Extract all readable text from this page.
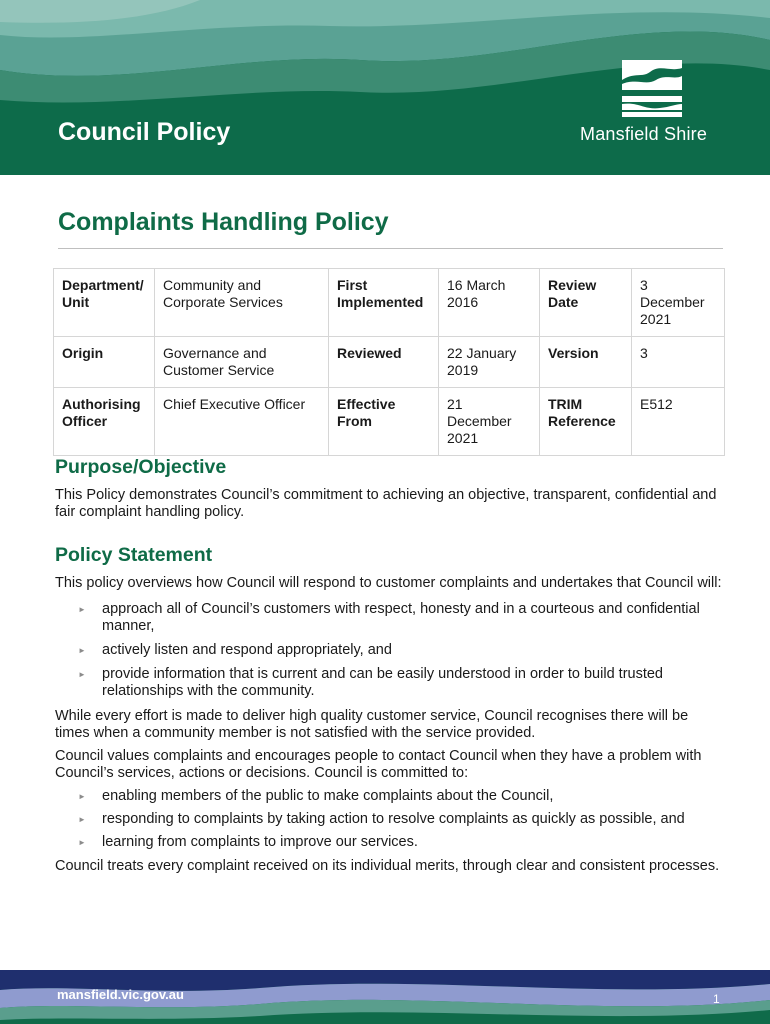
Council Policy	Mansfield Shire
Complaints Handling Policy
Department/ Unit	Community and Corporate Services	First Implemented	16 March 2016	Review Date	3 December 2021
Origin	Governance and Customer Service	Reviewed	22 January 2019	Version	3
Authorising Officer	Chief Executive Officer	Effective From	21 December 2021	TRIM Reference	E512
Purpose/Objective

This Policy demonstrates Council’s commitment to achieving an objective, transparent, confidential and fair complaint handling policy.

Policy Statement

This policy overviews how Council will respond to customer complaints and undertakes that Council will:

► approach all of Council’s customers with respect, honesty and in a courteous and confidential manner,
► actively listen and respond appropriately, and
► provide information that is current and can be easily understood in order to build trusted relationships with the community.

While every effort is made to deliver high quality customer service, Council recognises there will be times when a community member is not satisfied with the service provided.

Council values complaints and encourages people to contact Council when they have a problem with Council’s services, actions or decisions. Council is committed to:

► enabling members of the public to make complaints about the Council,
► responding to complaints by taking action to resolve complaints as quickly as possible, and
► learning from complaints to improve our services.

Council treats every complaint received on its individual merits, through clear and consistent processes.

mansfield.vic.gov.au	1
